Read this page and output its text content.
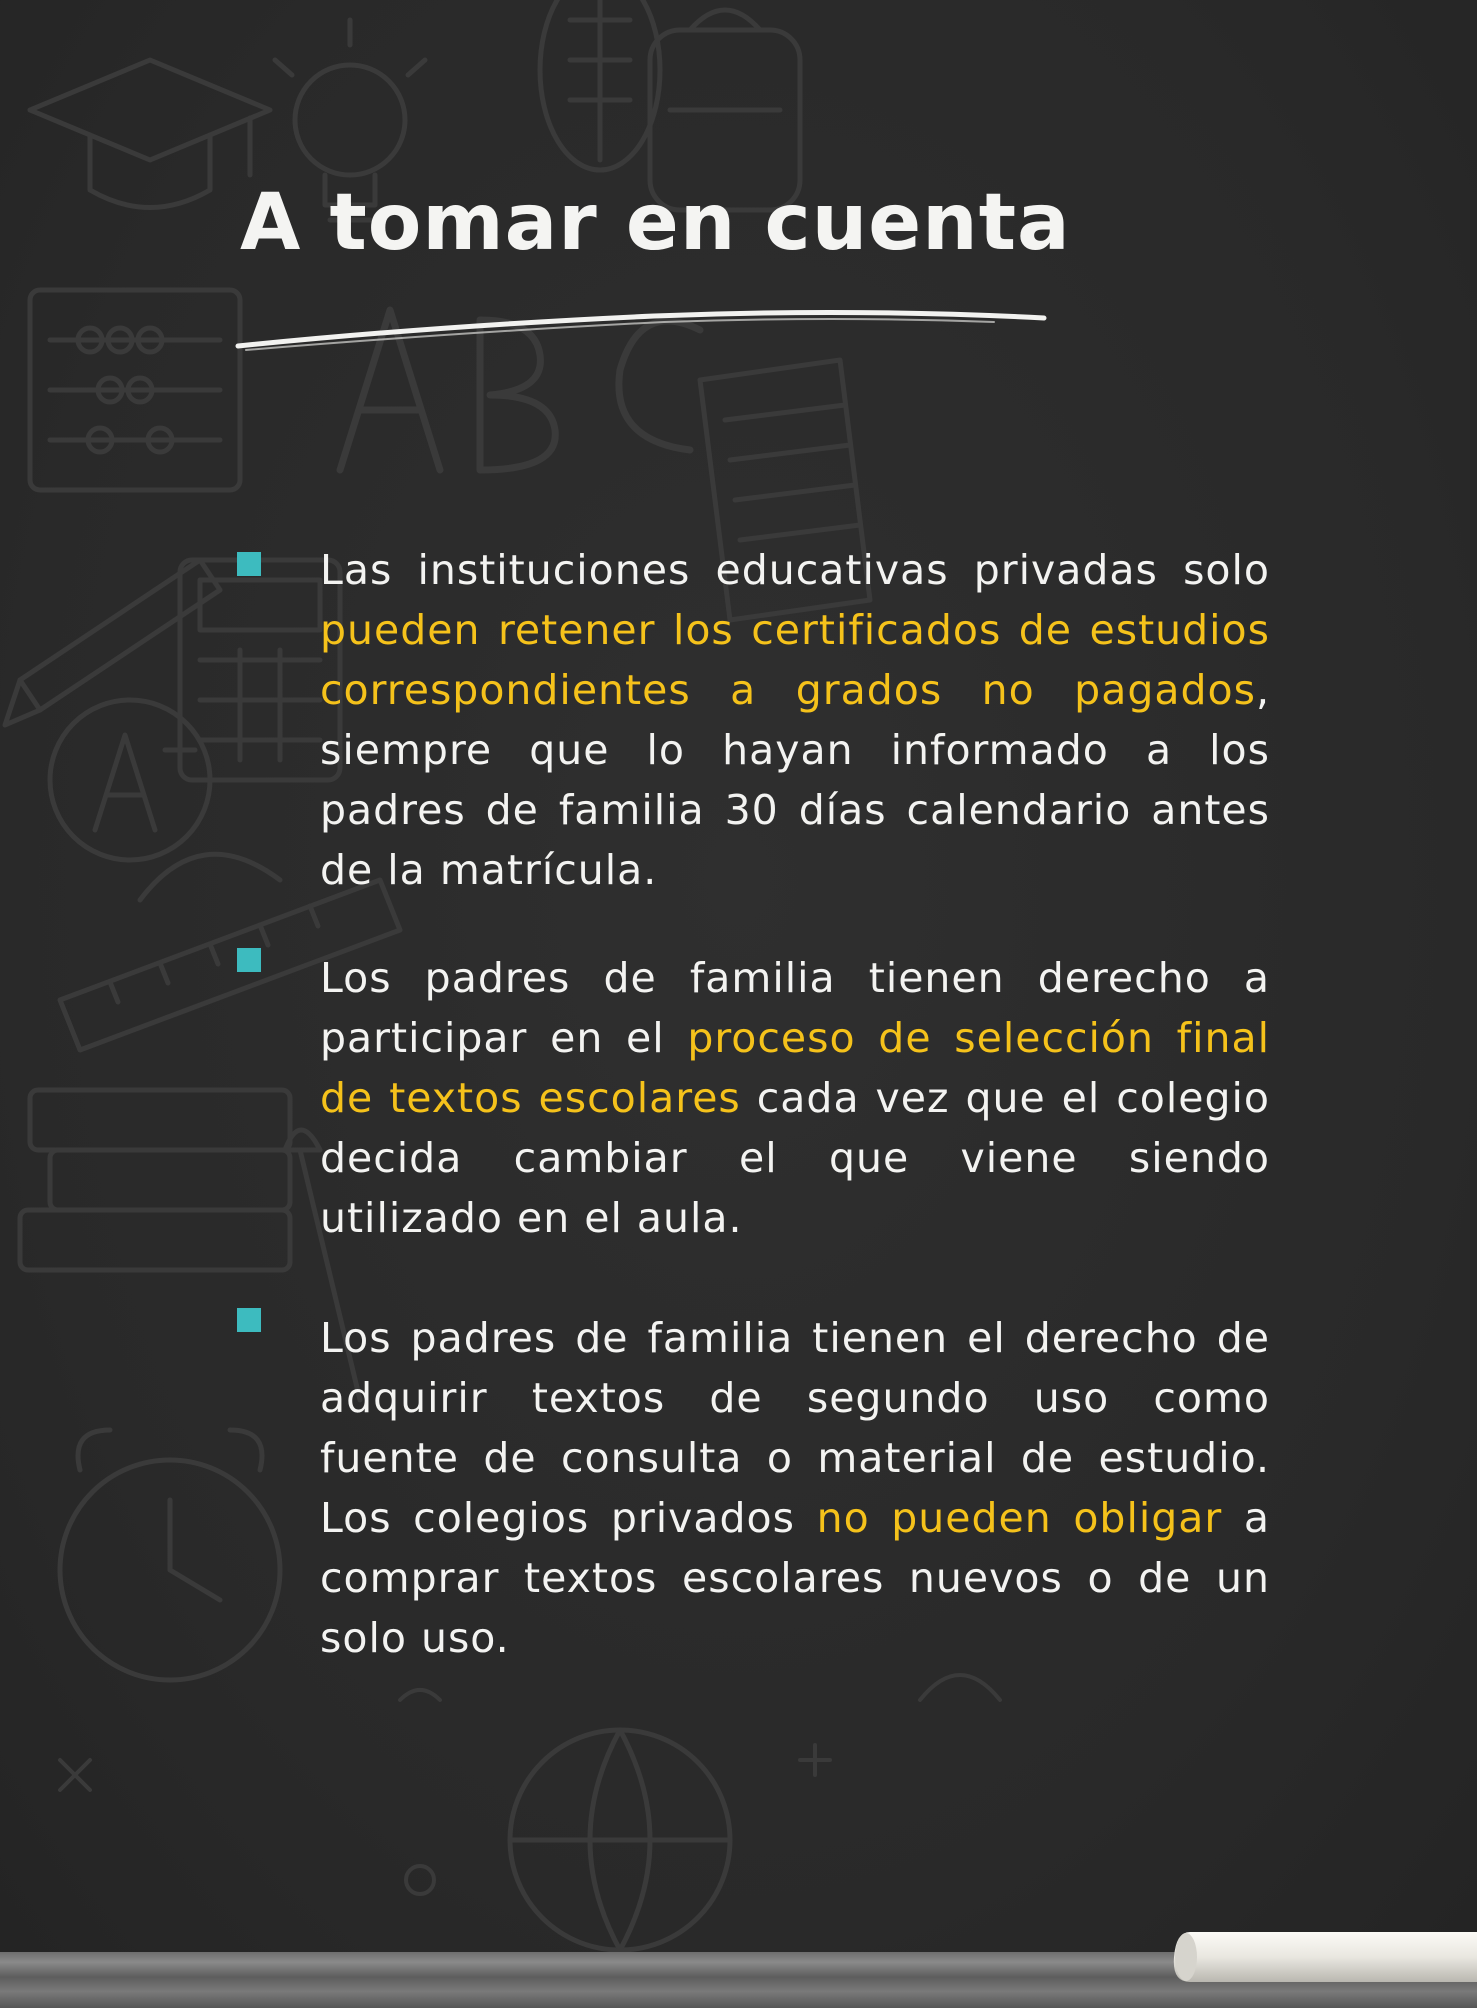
A tomar en cuenta

Las instituciones educativas privadas solo pueden retener los certificados de estudios correspondientes a grados no pagados, siempre que lo hayan informado a los padres de familia 30 días calendario antes de la matrícula.

Los padres de familia tienen derecho a participar en el proceso de selección final de textos escolares cada vez que el colegio decida cambiar el que viene siendo utilizado en el aula.

Los padres de familia tienen el derecho de adquirir textos de segundo uso como fuente de consulta o material de estudio. Los colegios privados no pueden obligar a comprar textos escolares nuevos o de un solo uso.
